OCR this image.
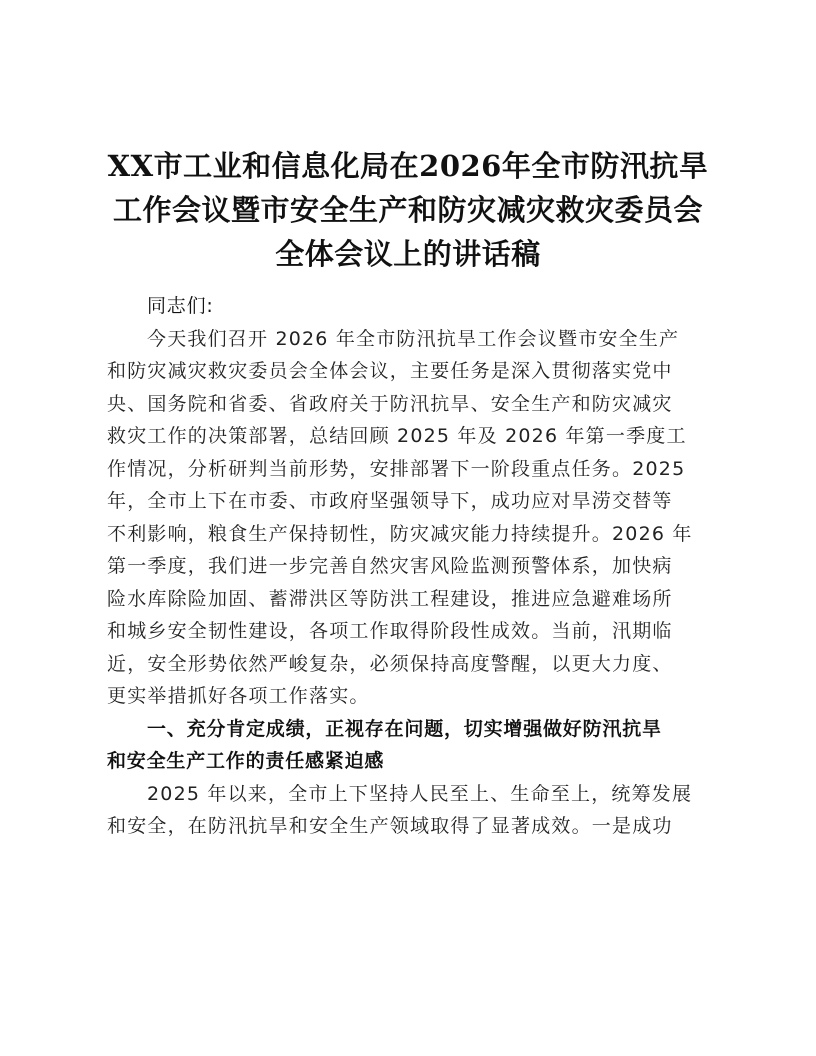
XX市工业和信息化局在2026年全市防汛抗旱
工作会议暨市安全生产和防灾减灾救灾委员会
全体会议上的讲话稿

同志们:

今天我们召开 2026 年全市防汛抗旱工作会议暨市安全生产
和防灾减灾救灾委员会全体会议，主要任务是深入贯彻落实党中
央、国务院和省委、省政府关于防汛抗旱、安全生产和防灾减灾
救灾工作的决策部署，总结回顾 2025 年及 2026 年第一季度工
作情况，分析研判当前形势，安排部署下一阶段重点任务。2025
年，全市上下在市委、市政府坚强领导下，成功应对旱涝交替等
不利影响，粮食生产保持韧性，防灾减灾能力持续提升。2026 年
第一季度，我们进一步完善自然灾害风险监测预警体系，加快病
险水库除险加固、蓄滞洪区等防洪工程建设，推进应急避难场所
和城乡安全韧性建设，各项工作取得阶段性成效。当前，汛期临
近，安全形势依然严峻复杂，必须保持高度警醒，以更大力度、
更实举措抓好各项工作落实。

一、充分肯定成绩，正视存在问题，切实增强做好防汛抗旱
和安全生产工作的责任感紧迫感

2025 年以来，全市上下坚持人民至上、生命至上，统筹发展
和安全，在防汛抗旱和安全生产领域取得了显著成效。一是成功
